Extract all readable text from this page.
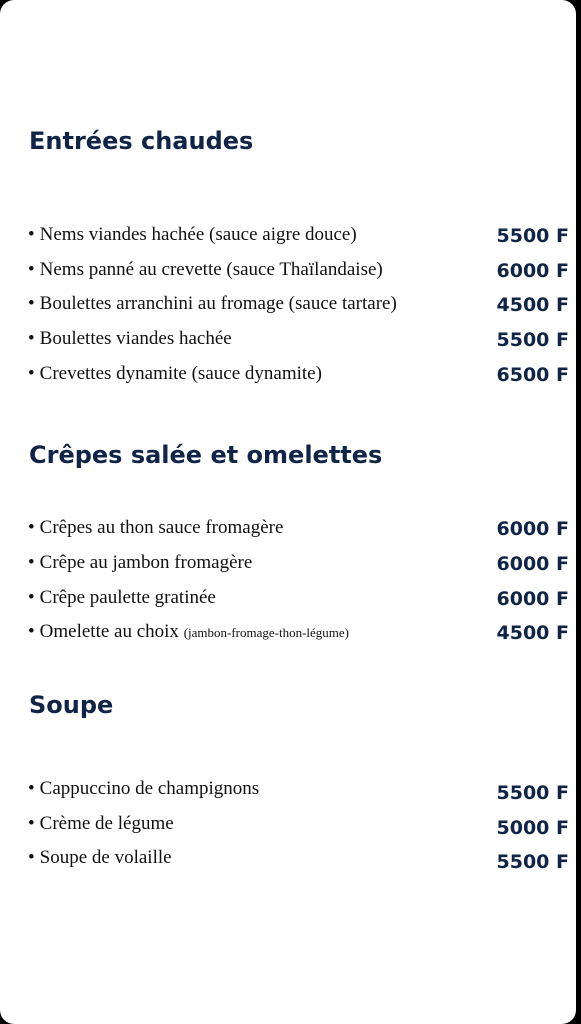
Entrées chaudes
• Nems viandes hachée (sauce aigre douce)	5500 F
• Nems panné au crevette (sauce Thaïlandaise)	6000 F
• Boulettes arranchini au fromage (sauce tartare)	4500 F
• Boulettes viandes hachée	5500 F
• Crevettes dynamite (sauce dynamite)	6500 F
Crêpes salée et omelettes
• Crêpes au thon sauce fromagère	6000 F
• Crêpe au jambon fromagère	6000 F
• Crêpe paulette gratinée	6000 F
• Omelette au choix (jambon-fromage-thon-légume)	4500 F
Soupe
• Cappuccino de champignons	5500 F
• Crème de légume	5000 F
• Soupe de volaille	5500 F
